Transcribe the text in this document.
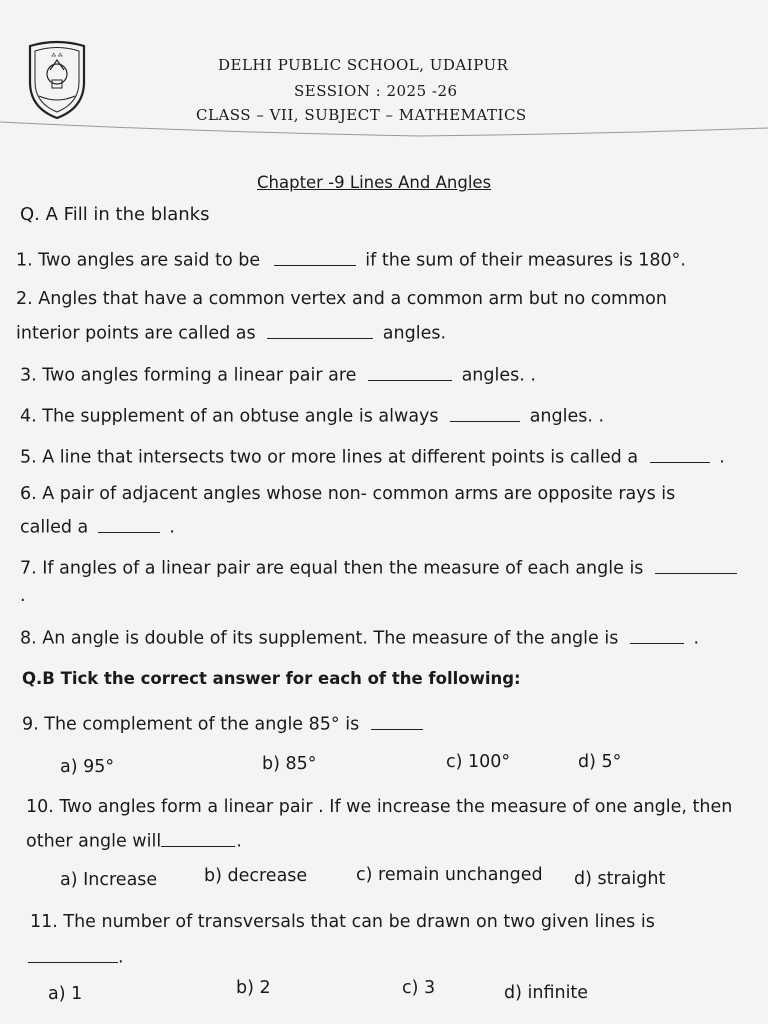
⁂ ⁂	DELHI PUBLIC SCHOOL, UDAIPUR
SESSION : 2025 -26
CLASS – VII, SUBJECT – MATHEMATICS
Chapter -9 Lines And Angles
Q. A Fill in the blanks
1. Two angles are said to be	if the sum of their measures is 180°.
2. Angles that have a common vertex and a common arm but no common
interior points are called as	angles.
3. Two angles forming a linear pair are	angles. .
4. The supplement of an obtuse angle is always	angles. .
5. A line that intersects two or more lines at different points is called a	.
6. A pair of adjacent angles whose non- common arms are opposite rays is
called a	.
7. If angles of a linear pair are equal then the measure of each angle is
.
8. An angle is double of its supplement. The measure of the angle is	.
Q.B Tick the correct answer for each of the following:
9. The complement of the angle 85° is
a) 95°	b) 85°	c) 100°	d) 5°
10. Two angles form a linear pair . If we increase the measure of one angle, then
other angle will	.
a) Increase	b) decrease	c) remain unchanged d) straight
11. The number of transversals that can be drawn on two given lines is
.
a) 1	b) 2	c) 3	d) infinite
